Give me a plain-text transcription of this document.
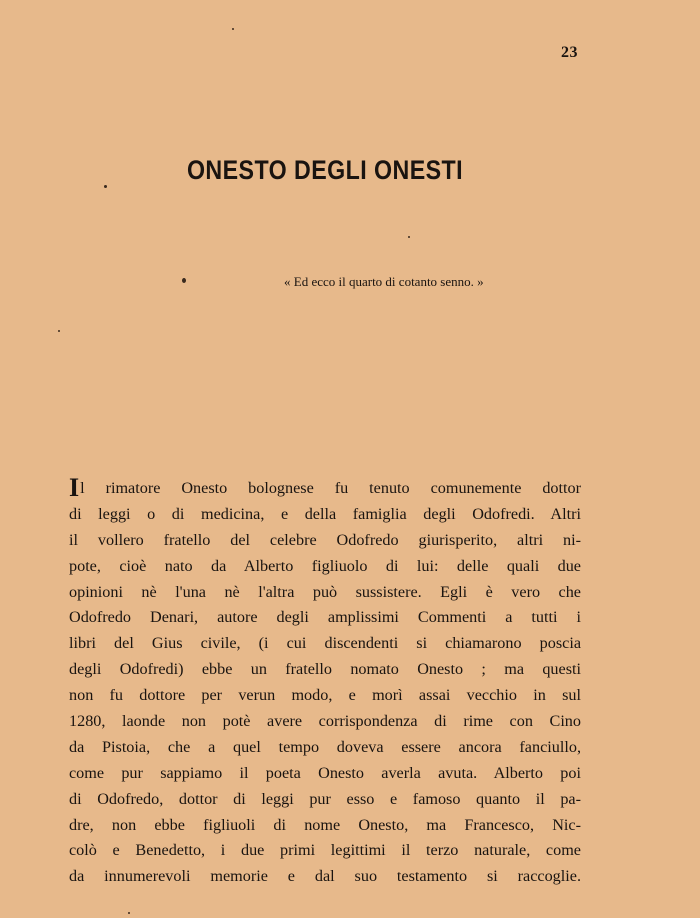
23
ONESTO DEGLI ONESTI
« Ed ecco il quarto di cotanto senno. »
Il rimatore Onesto bolognese fu tenuto comunemente dottor
di leggi o di medicina, e della famiglia degli Odofredi. Altri
il vollero fratello del celebre Odofredo giurisperito, altri ni-
pote, cioè nato da Alberto figliuolo di lui: delle quali due
opinioni nè l'una nè l'altra può sussistere. Egli è vero che
Odofredo Denari, autore degli amplissimi Commenti a tutti i
libri del Gius civile, (i cui discendenti si chiamarono poscia
degli Odofredi) ebbe un fratello nomato Onesto ; ma questi
non fu dottore per verun modo, e morì assai vecchio in sul
1280, laonde non potè avere corrispondenza di rime con Cino
da Pistoia, che a quel tempo doveva essere ancora fanciullo,
come pur sappiamo il poeta Onesto averla avuta. Alberto poi
di Odofredo, dottor di leggi pur esso e famoso quanto il pa-
dre, non ebbe figliuoli di nome Onesto, ma Francesco, Nic-
colò e Benedetto, i due primi legittimi il terzo naturale, come
da innumerevoli memorie e dal suo testamento si raccoglie.
